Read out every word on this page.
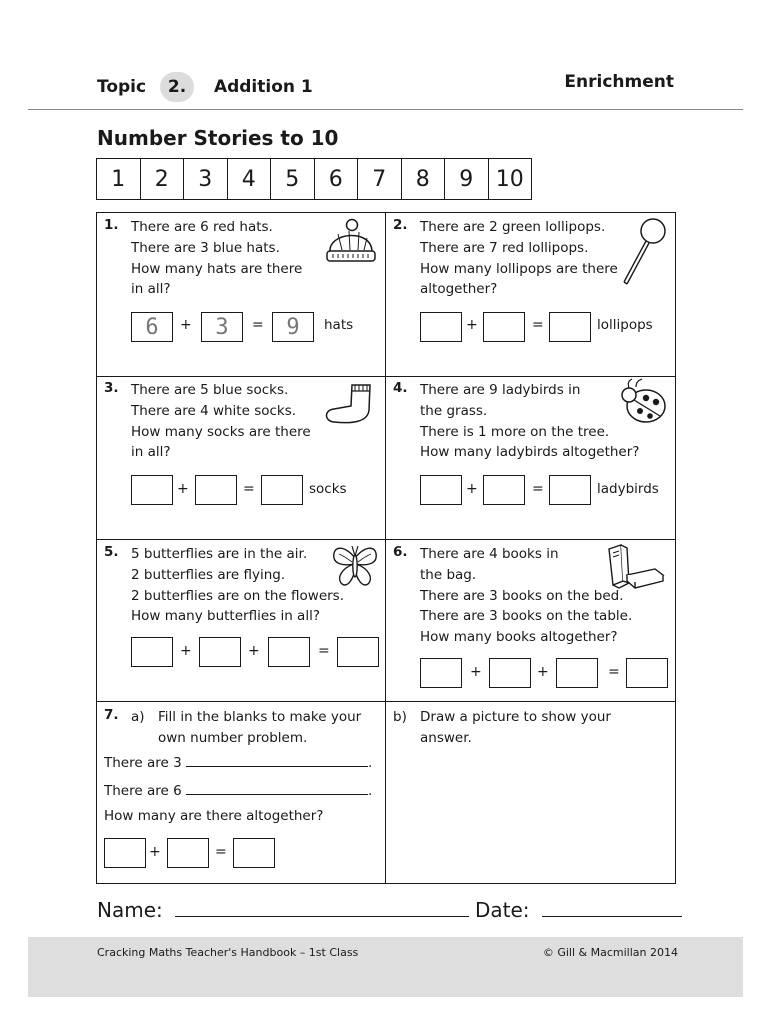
Topic 2. Addition 1	Enrichment
Number Stories to 10
1	2	3	4	5	6	7	8	9	10
1. There are 6 red hats.
There are 3 blue hats.
How many hats are there
in all?
6	+	3	=	9	hats
2. There are 2 green lollipops.
There are 7 red lollipops.
How many lollipops are there
altogether?
+	=	lollipops
3. There are 5 blue socks.
There are 4 white socks.
How many socks are there
in all?
+	=	socks
4. There are 9 ladybirds in
the grass.
There is 1 more on the tree.
How many ladybirds altogether?
+	=	ladybirds
5. 5 butterflies are in the air.
2 butterflies are flying.
2 butterflies are on the flowers.
How many butterflies in all?
+	+	=
6. There are 4 books in
the bag.
There are 3 books on the bed.
There are 3 books on the table.
How many books altogether?
+	+	=
7. a) Fill in the blanks to make your
own number problem.
There are 3	.
There are 6	.
How many are there altogether?
+	=
b) Draw a picture to show your
answer.
Name:	Date:
Cracking Maths Teacher's Handbook – 1st Class	© Gill & Macmillan 2014
